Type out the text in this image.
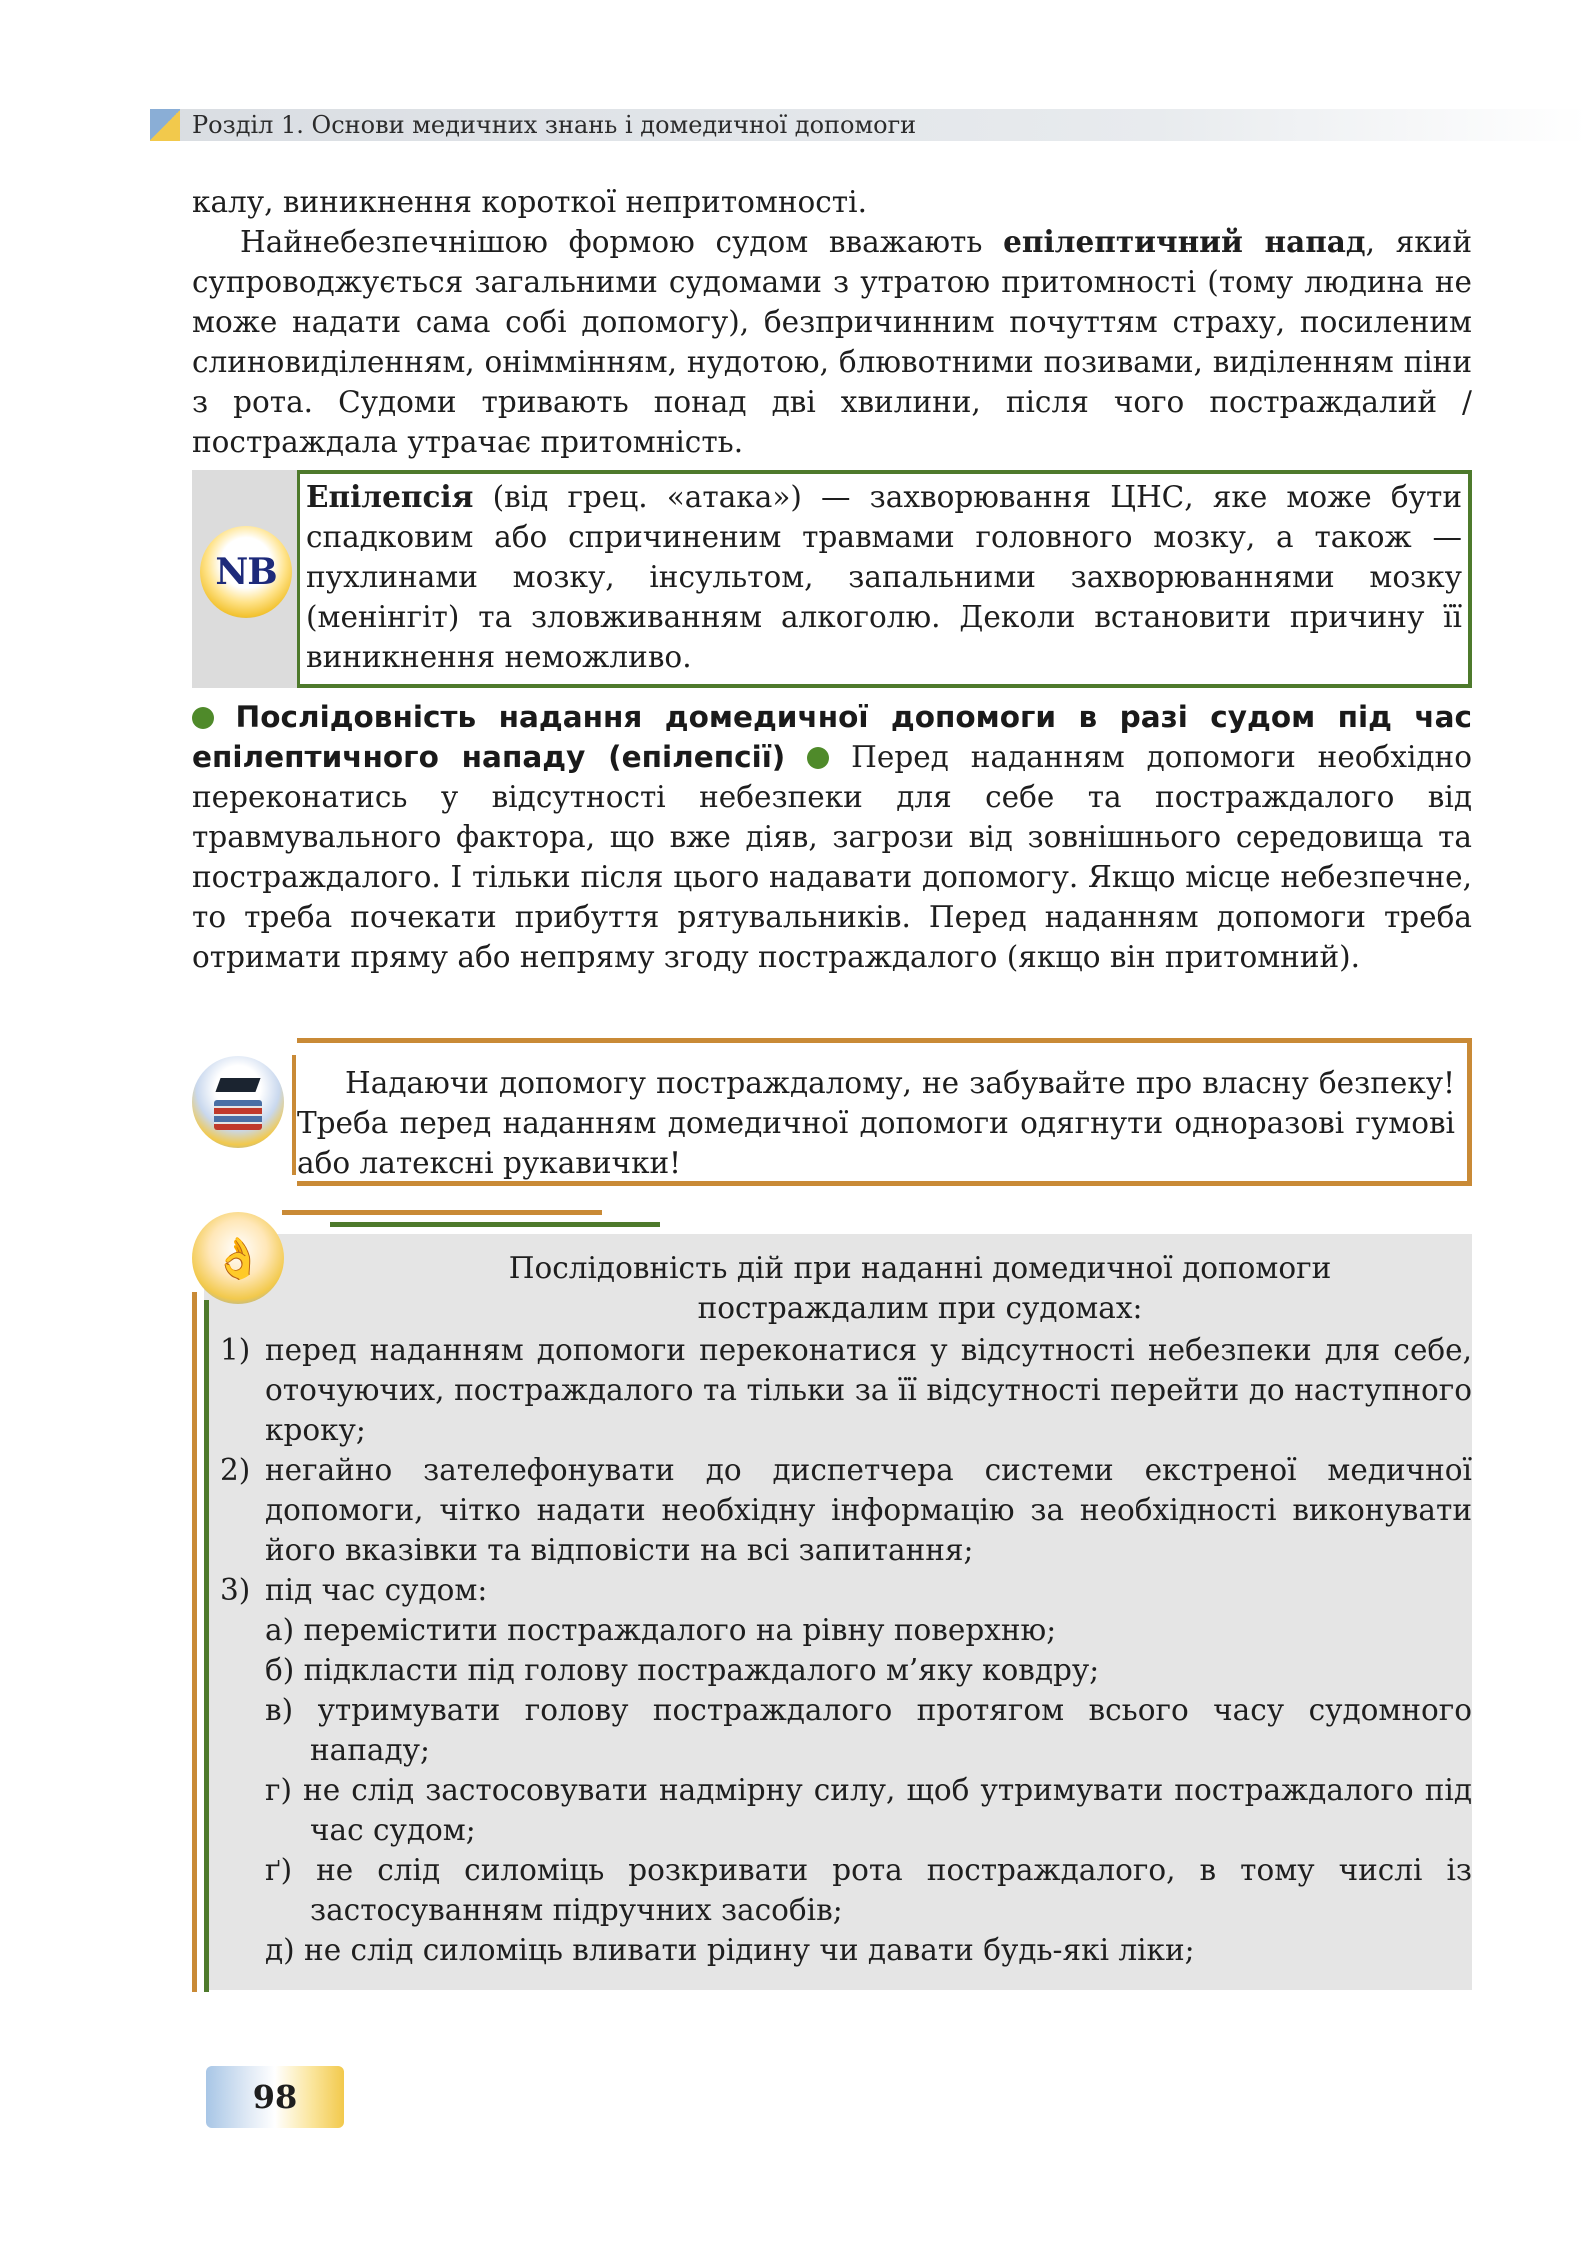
Розділ 1. Основи медичних знань і домедичної допомоги
калу, виникнення короткої непритомності.
Найнебезпечнішою формою судом вважають епілептичний напад, який супроводжується загальними судомами з утратою притомності (тому людина не може надати сама собі допомогу), безпричинним почуттям страху, посиленим слиновиділенням, оніммінням, нудотою, блювотними позивами, виділенням піни з рота. Судоми тривають понад дві хвилини, після чого постраждалий / постраждала утрачає притомність.
NB
Епілепсія (від грец. «атака») — захворювання ЦНС, яке може бути спадковим або спричиненим травмами головного мозку, а також — пухлинами мозку, інсультом, запальними захворюваннями мозку (менінгіт) та зловживанням алкоголю. Деколи встановити причину її виникнення неможливо.
Послідовність надання домедичної допомоги в разі судом під час епілептичного нападу (епілепсії)  Перед наданням допомоги необхідно переконатись у відсутності небезпеки для себе та постраждалого від травмувального фактора, що вже діяв, загрози від зовнішнього середовища та постраждалого. І тільки після цього надавати допомогу. Якщо місце небезпечне, то треба почекати прибуття рятувальників. Перед наданням допомоги треба отримати пряму або непряму згоду постраждалого (якщо він притомний).
Надаючи допомогу постраждалому, не забувайте про власну безпеку! Треба перед наданням домедичної допомоги одягнути одноразові гумові або латексні рукавички!
👌	Послідовність дій при наданні домедичної допомоги
постраждалим при судомах:
1) перед наданням допомоги переконатися у відсутності небезпеки для себе, оточуючих, постраждалого та тільки за її відсутності перейти до наступного кроку;
2) негайно зателефонувати до диспетчера системи екстреної медичної допомоги, чітко надати необхідну інформацію за необхідності виконувати його вказівки та відповісти на всі запитання;
3) під час судом:
а) перемістити постраждалого на рівну поверхню;
б) підкласти під голову постраждалого м’яку ковдру;
в) утримувати голову постраждалого протягом всього часу судомного нападу;
г) не слід застосовувати надмірну силу, щоб утримувати постраждалого під час судом;
ґ) не слід силоміць розкривати рота постраждалого, в тому числі із застосуванням підручних засобів;
д) не слід силоміць вливати рідину чи давати будь-які ліки;
98
